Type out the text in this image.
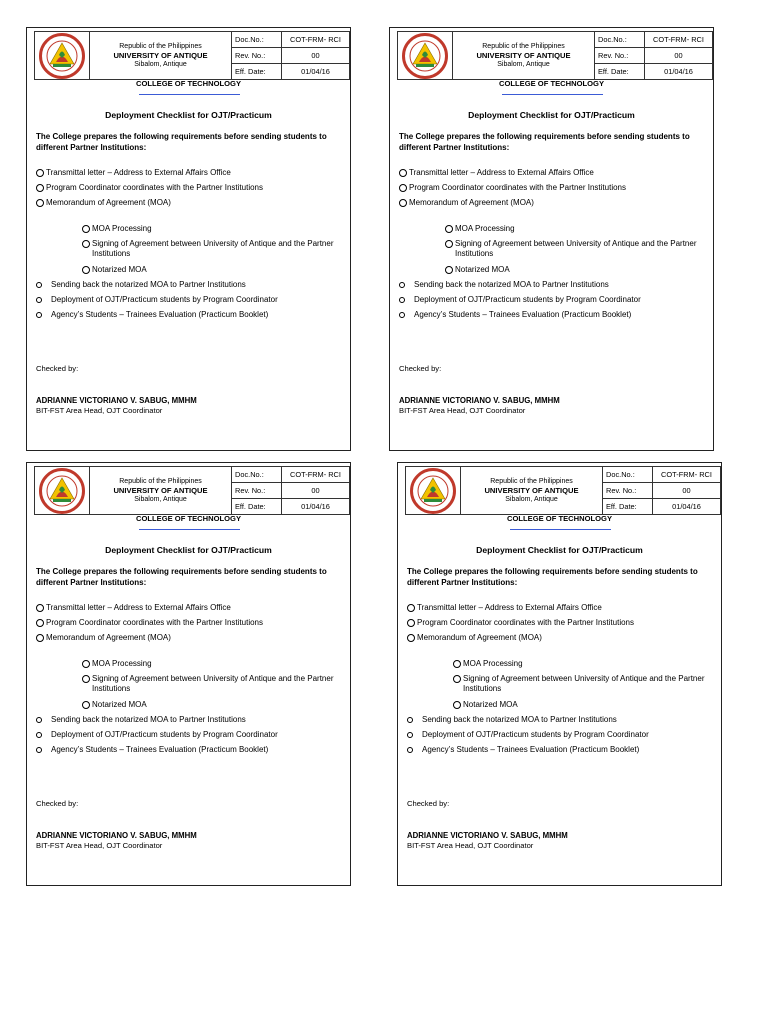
Republic of the Philippines
UNIVERSITY OF ANTIQUE
Sibalom, Antique	Doc.No.:	COT-FRM- RCI
		Rev. No.:	00
		Eff. Date:	01/04/16
COLLEGE OF TECHNOLOGY
Deployment Checklist for OJT/Practicum
The College prepares the following requirements before sending students to different Partner Institutions:
Transmittal letter – Address to External Affairs Office
Program Coordinator coordinates with the Partner Institutions
Memorandum of Agreement (MOA)
MOA Processing
Signing of Agreement between University of Antique and the Partner Institutions
Notarized MOA
Sending back the notarized MOA to Partner Institutions
Deployment of OJT/Practicum students by Program Coordinator
Agency’s Students – Trainees Evaluation (Practicum Booklet)
Checked by:
ADRIANNE VICTORIANO V. SABUG, MMHM
BIT-FST Area Head, OJT Coordinator

Republic of the Philippines
UNIVERSITY OF ANTIQUE
Sibalom, Antique	Doc.No.:	COT-FRM- RCI
		Rev. No.:	00
		Eff. Date:	01/04/16
COLLEGE OF TECHNOLOGY
Deployment Checklist for OJT/Practicum
The College prepares the following requirements before sending students to different Partner Institutions:
Transmittal letter – Address to External Affairs Office
Program Coordinator coordinates with the Partner Institutions
Memorandum of Agreement (MOA)
MOA Processing
Signing of Agreement between University of Antique and the Partner Institutions
Notarized MOA
Sending back the notarized MOA to Partner Institutions
Deployment of OJT/Practicum students by Program Coordinator
Agency’s Students – Trainees Evaluation (Practicum Booklet)
Checked by:
ADRIANNE VICTORIANO V. SABUG, MMHM
BIT-FST Area Head, OJT Coordinator

Republic of the Philippines
UNIVERSITY OF ANTIQUE
Sibalom, Antique	Doc.No.:	COT-FRM- RCI
		Rev. No.:	00
		Eff. Date:	01/04/16
COLLEGE OF TECHNOLOGY
Deployment Checklist for OJT/Practicum
The College prepares the following requirements before sending students to different Partner Institutions:
Transmittal letter – Address to External Affairs Office
Program Coordinator coordinates with the Partner Institutions
Memorandum of Agreement (MOA)
MOA Processing
Signing of Agreement between University of Antique and the Partner Institutions
Notarized MOA
Sending back the notarized MOA to Partner Institutions
Deployment of OJT/Practicum students by Program Coordinator
Agency’s Students – Trainees Evaluation (Practicum Booklet)
Checked by:
ADRIANNE VICTORIANO V. SABUG, MMHM
BIT-FST Area Head, OJT Coordinator

Republic of the Philippines
UNIVERSITY OF ANTIQUE
Sibalom, Antique	Doc.No.:	COT-FRM- RCI
		Rev. No.:	00
		Eff. Date:	01/04/16
COLLEGE OF TECHNOLOGY
Deployment Checklist for OJT/Practicum
The College prepares the following requirements before sending students to different Partner Institutions:
Transmittal letter – Address to External Affairs Office
Program Coordinator coordinates with the Partner Institutions
Memorandum of Agreement (MOA)
MOA Processing
Signing of Agreement between University of Antique and the Partner Institutions
Notarized MOA
Sending back the notarized MOA to Partner Institutions
Deployment of OJT/Practicum students by Program Coordinator
Agency’s Students – Trainees Evaluation (Practicum Booklet)
Checked by:
ADRIANNE VICTORIANO V. SABUG, MMHM
BIT-FST Area Head, OJT Coordinator
